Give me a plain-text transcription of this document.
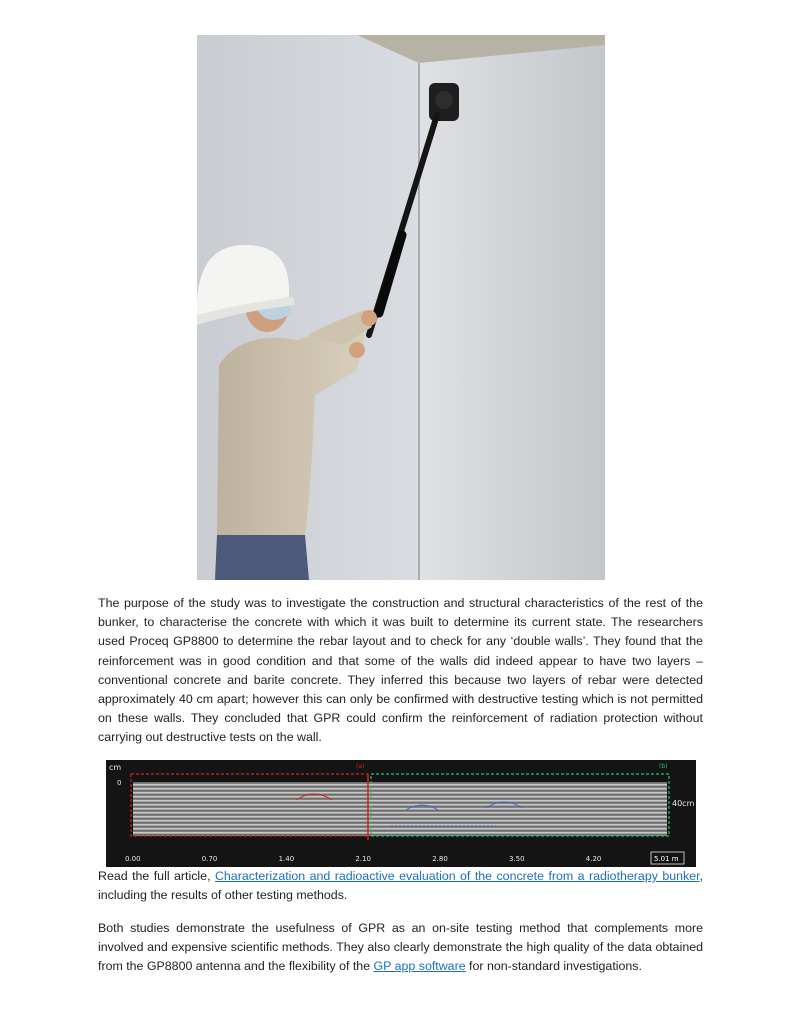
The purpose of the study was to investigate the construction and structural characteristics of the rest of the bunker, to characterise the concrete with which it was built to determine its current state. The researchers used Proceq GP8800 to determine the rebar layout and to check for any ‘double walls’. They found that the reinforcement was in good condition and that some of the walls did indeed appear to have two layers – conventional concrete and barite concrete. They inferred this because two layers of rebar were detected approximately 40 cm apart; however this can only be confirmed with destructive testing which is not permitted on these walls. They concluded that GPR could confirm the reinforcement of radiation protection without carrying out destructive tests on the wall.

cm
0
40cm
(a)	(b)
0.00	0.70	1.40	2.10	2.80	3.50	4.20	5.01 m

Read the full article, Characterization and radioactive evaluation of the concrete from a radiotherapy bunker, including the results of other testing methods.

Both studies demonstrate the usefulness of GPR as an on-site testing method that complements more involved and expensive scientific methods. They also clearly demonstrate the high quality of the data obtained from the GP8800 antenna and the flexibility of the GP app software for non-standard investigations.
